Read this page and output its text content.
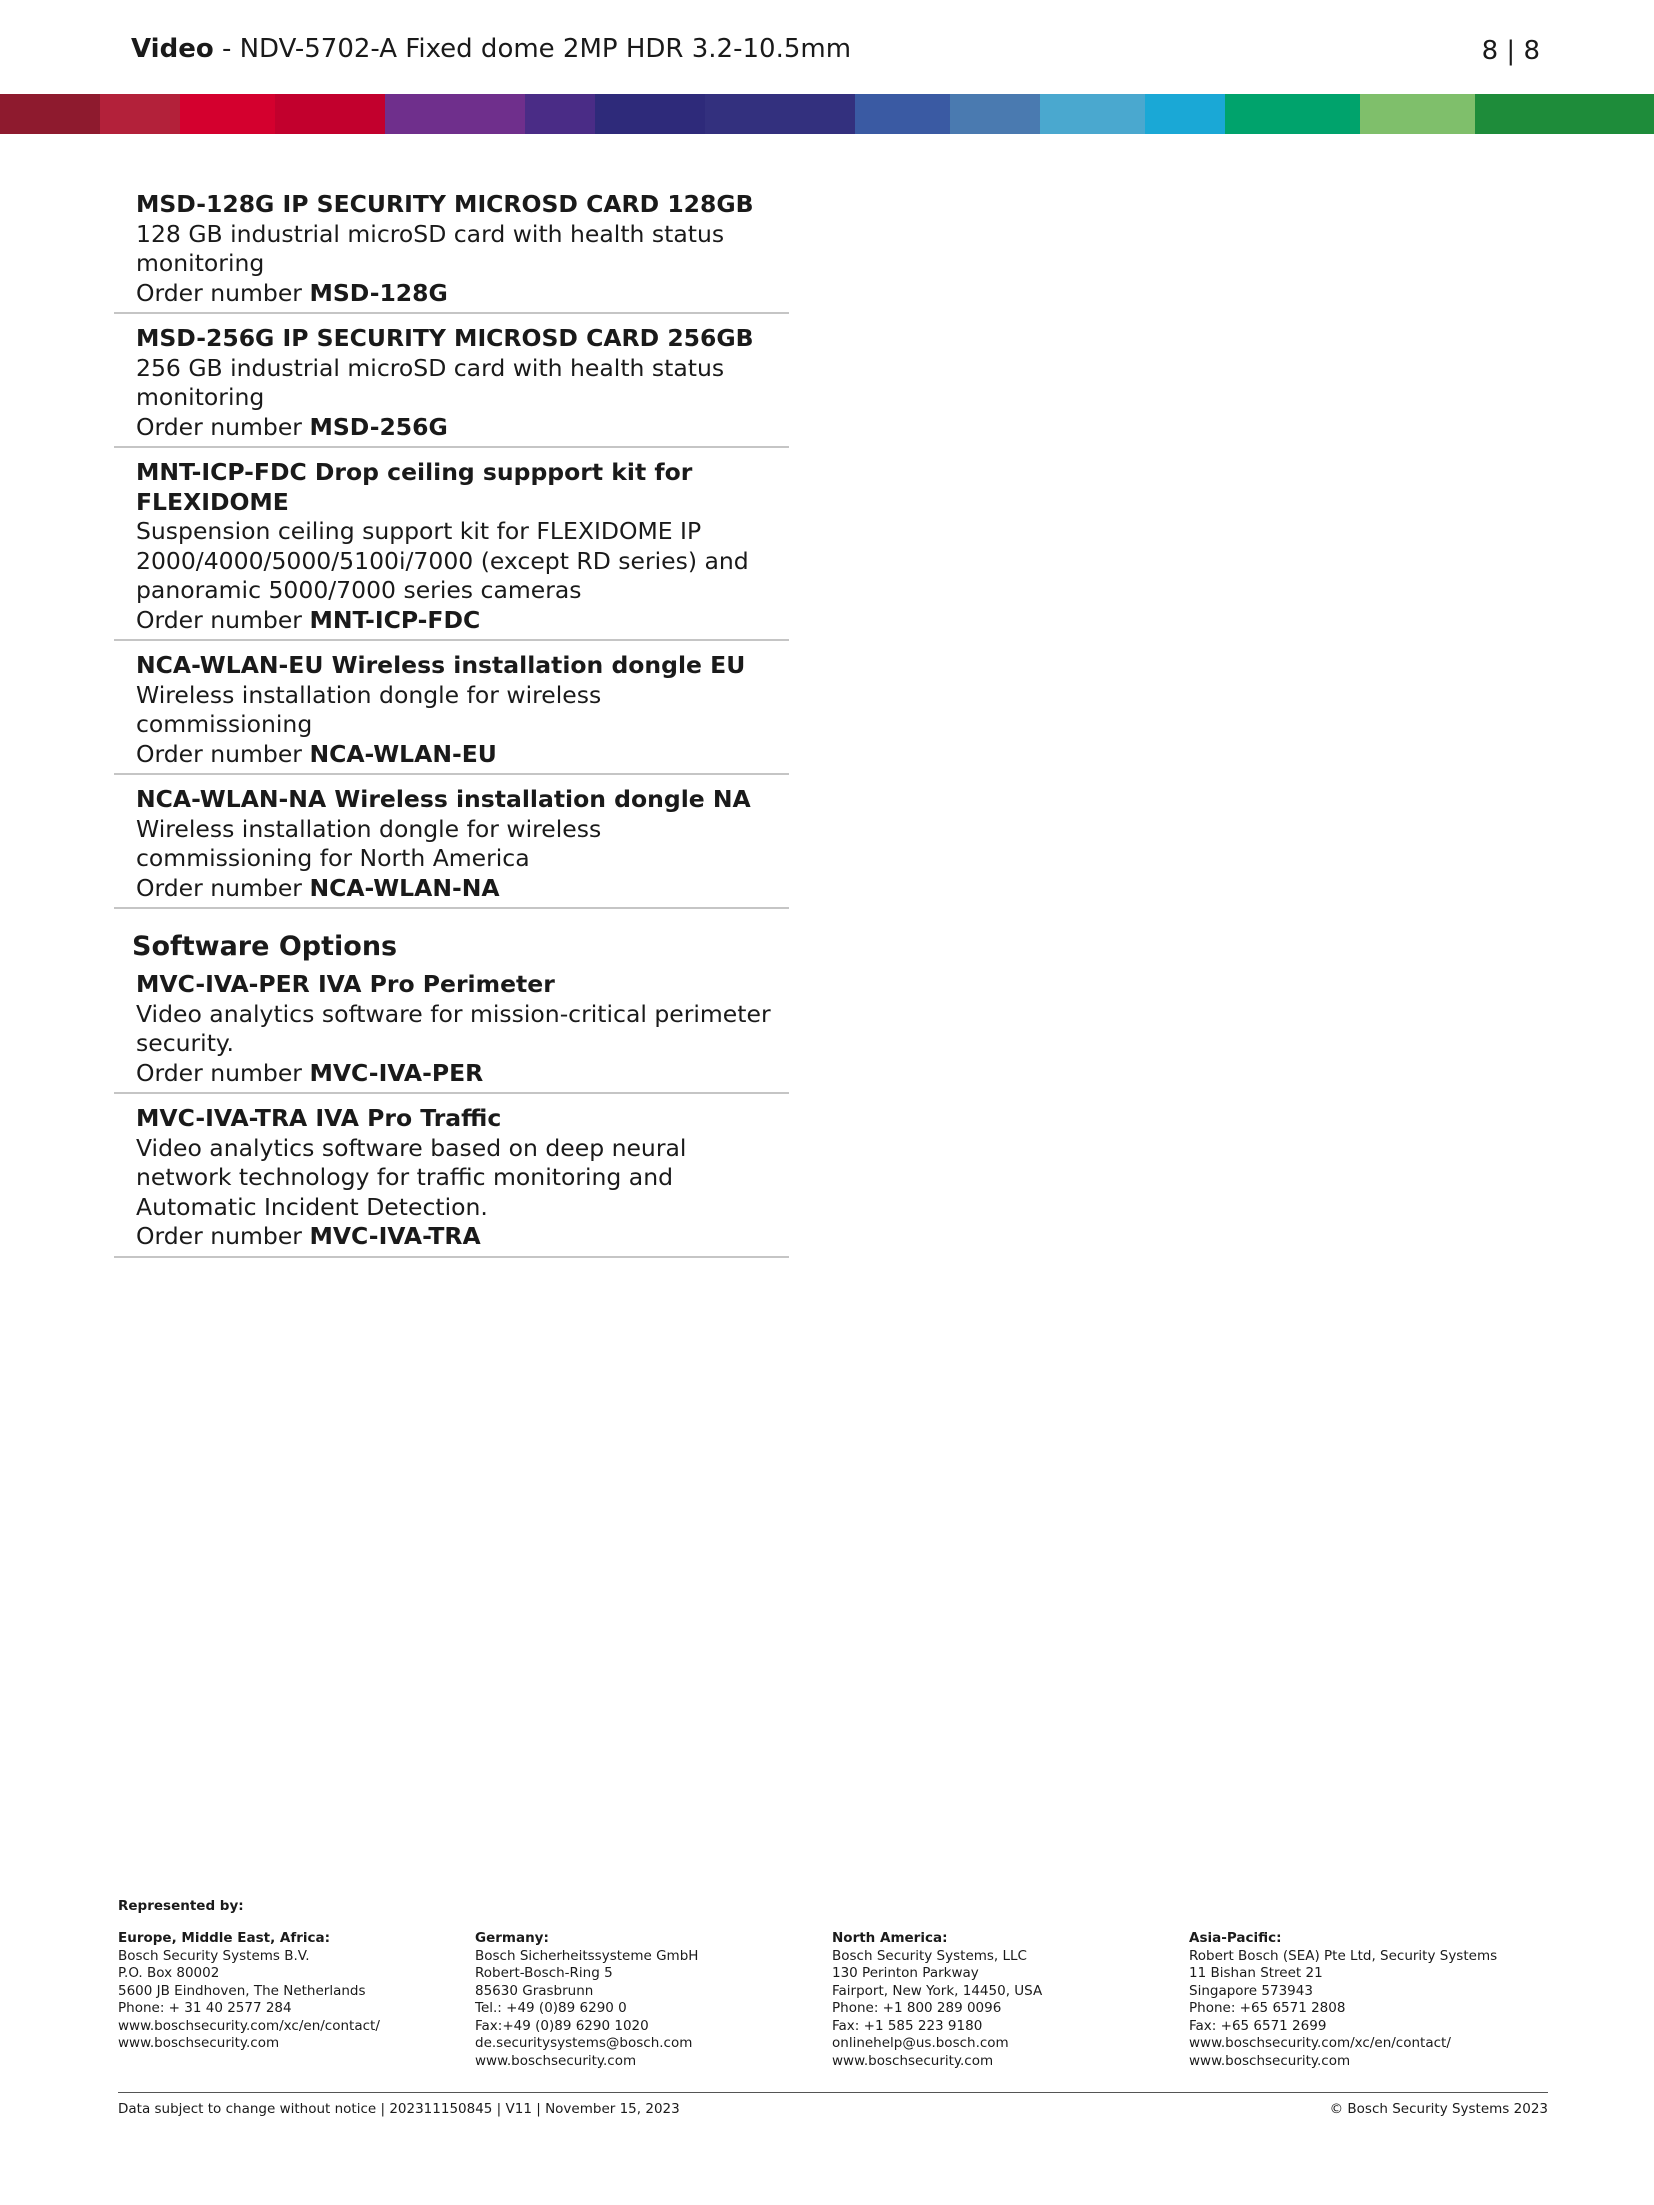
Video - NDV-5702-A Fixed dome 2MP HDR 3.2-10.5mm	8 | 8
MSD-128G IP SECURITY MICROSD CARD 128GB
128 GB industrial microSD card with health status monitoring
Order number MSD-128G
MSD-256G IP SECURITY MICROSD CARD 256GB
256 GB industrial microSD card with health status monitoring
Order number MSD-256G
MNT-ICP-FDC Drop ceiling suppport kit for FLEXIDOME
Suspension ceiling support kit for FLEXIDOME IP 2000/4000/5000/5100i/7000 (except RD series) and panoramic 5000/7000 series cameras
Order number MNT-ICP-FDC
NCA-WLAN-EU Wireless installation dongle EU
Wireless installation dongle for wireless commissioning
Order number NCA-WLAN-EU
NCA-WLAN-NA Wireless installation dongle NA
Wireless installation dongle for wireless commissioning for North America
Order number NCA-WLAN-NA
Software Options
MVC-IVA-PER IVA Pro Perimeter
Video analytics software for mission-critical perimeter security.
Order number MVC-IVA-PER
MVC-IVA-TRA IVA Pro Traffic
Video analytics software based on deep neural network technology for traffic monitoring and Automatic Incident Detection.
Order number MVC-IVA-TRA
Represented by:
Europe, Middle East, Africa:
Bosch Security Systems B.V.
P.O. Box 80002
5600 JB Eindhoven, The Netherlands
Phone: + 31 40 2577 284
www.boschsecurity.com/xc/en/contact/
www.boschsecurity.com
Germany:
Bosch Sicherheitssysteme GmbH
Robert-Bosch-Ring 5
85630 Grasbrunn
Tel.: +49 (0)89 6290 0
Fax:+49 (0)89 6290 1020
de.securitysystems@bosch.com
www.boschsecurity.com
North America:
Bosch Security Systems, LLC
130 Perinton Parkway
Fairport, New York, 14450, USA
Phone: +1 800 289 0096
Fax: +1 585 223 9180
onlinehelp@us.bosch.com
www.boschsecurity.com
Asia-Pacific:
Robert Bosch (SEA) Pte Ltd, Security Systems
11 Bishan Street 21
Singapore 573943
Phone: +65 6571 2808
Fax: +65 6571 2699
www.boschsecurity.com/xc/en/contact/
www.boschsecurity.com
Data subject to change without notice | 202311150845 | V11 | November 15, 2023	© Bosch Security Systems 2023
